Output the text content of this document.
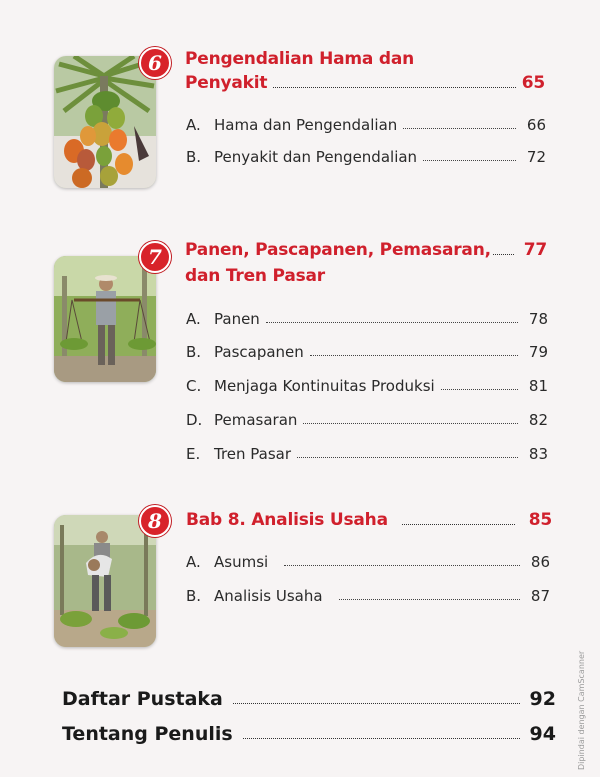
6	Pengendalian Hama dan
Penyakit	65
A. Hama dan Pengendalian	66
B. Penyakit dan Pengendalian	72
7	Panen, Pascapanen, Pemasaran, 77
dan Tren Pasar
A. Panen	78
B. Pascapanen	79
C. Menjaga Kontinuitas Produksi	81
D. Pemasaran	82
E. Tren Pasar	83
8	Bab 8. Analisis Usaha	85
A. Asumsi	86
B. Analisis Usaha	87
Daftar Pustaka	92
Tentang Penulis	94	Dipindai dengan CamScanner
